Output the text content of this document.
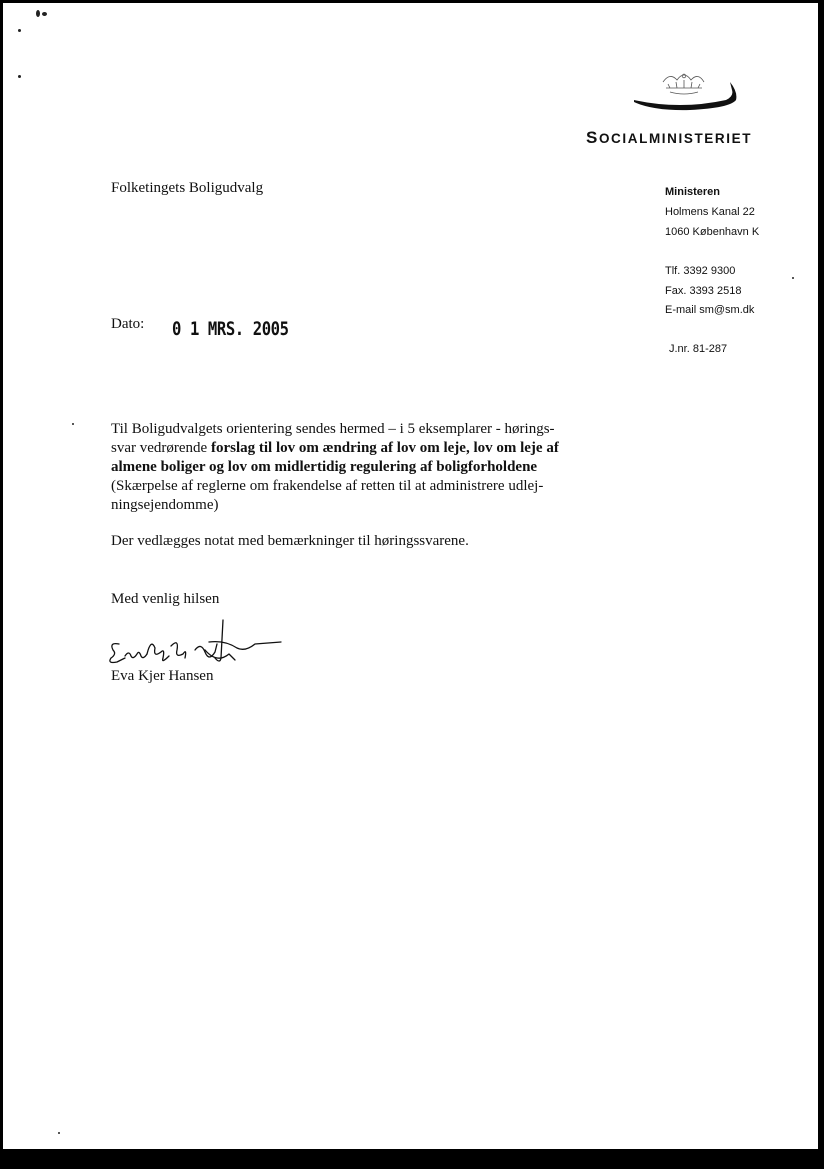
SOCIALMINISTERIET
Ministeren
Holmens Kanal 22
1060 København K
Tlf. 3392 9300
Fax. 3393 2518
E-mail sm@sm.dk
J.nr. 81-287
Folketingets Boligudvalg
Dato: 0 1 MRS. 2005

Til Boligudvalgets orientering sendes hermed – i 5 eksemplarer - hørings-
svar vedrørende forslag til lov om ændring af lov om leje, lov om leje af
almene boliger og lov om midlertidig regulering af boligforholdene
(Skærpelse af reglerne om frakendelse af retten til at administrere udlej-
ningsejendomme)

Der vedlægges notat med bemærkninger til høringssvarene.
Med venlig hilsen
Eva Kjer Hansen
